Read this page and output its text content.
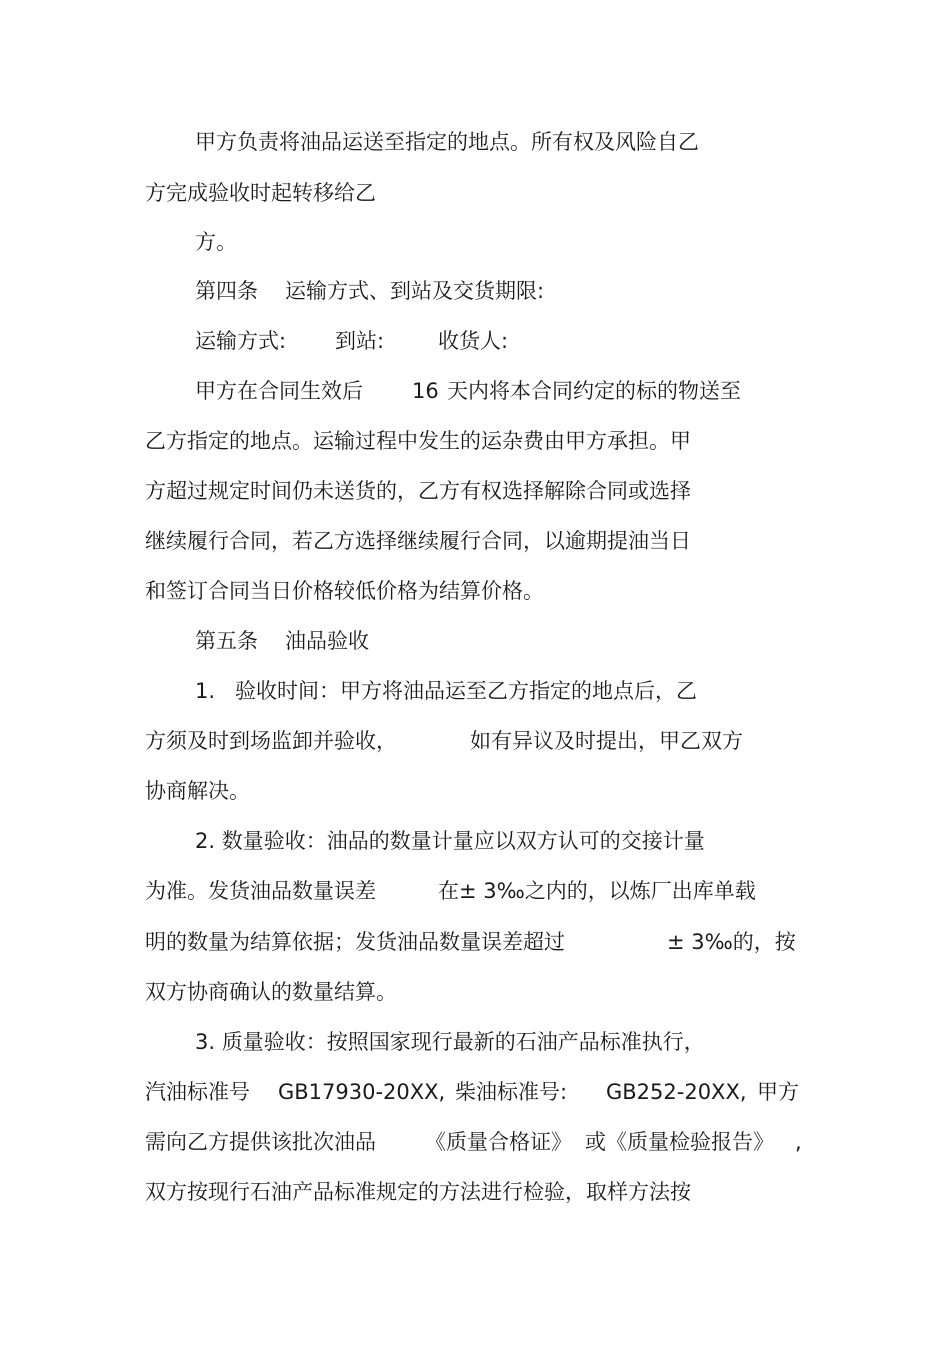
甲方负责将油品运送至指定的地点。所有权及风险自乙
方完成验收时起转移给乙
方。
第四条 运输方式、到站及交货期限:
运输方式: 到站:	收货人:
甲方在合同生效后 16 天内将本合同约定的标的物送至
乙方指定的地点。运输过程中发生的运杂费由甲方承担。甲
方超过规定时间仍未送货的，乙方有权选择解除合同或选择
继续履行合同，若乙方选择继续履行合同，以逾期提油当日
和签订合同当日价格较低价格为结算价格。
第五条 油品验收
1. 验收时间：甲方将油品运至乙方指定的地点后，乙
方须及时到场监卸并验收，	如有异议及时提出，甲乙双方
协商解决。
2. 数量验收：油品的数量计量应以双方认可的交接计量
为准。发货油品数量误差	在± 3‰之内的，以炼厂出库单载
明的数量为结算依据；发货油品数量误差超过	± 3‰的，按
双方协商确认的数量结算。
3. 质量验收：按照国家现行最新的石油产品标准执行，
汽油标准号 GB17930-20XX, 柴油标准号: GB252-20XX, 甲方
需向乙方提供该批次油品 《质量合格证》 或《质量检验报告》 ,
双方按现行石油产品标准规定的方法进行检验，取样方法按
